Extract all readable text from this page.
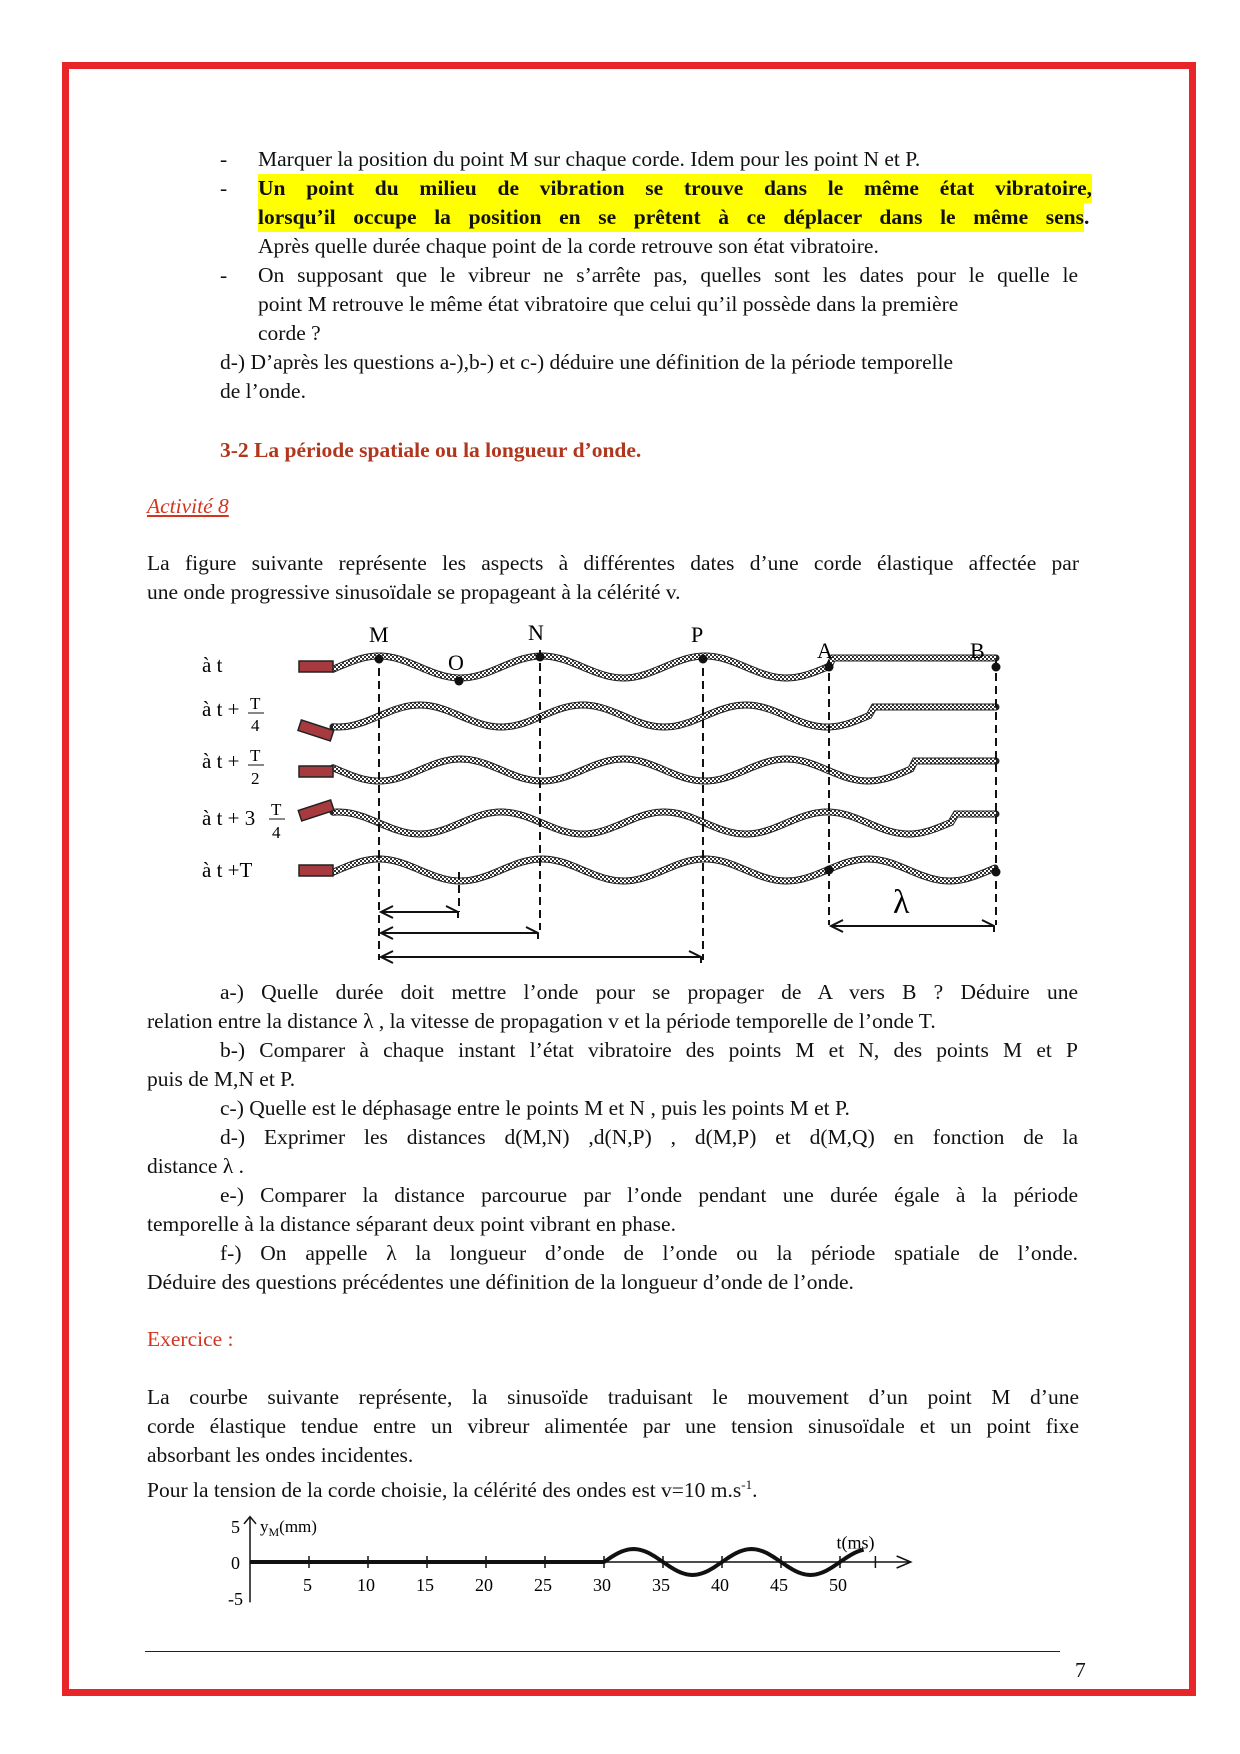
- Marquer la position du point M sur chaque corde. Idem pour les point N et P.
- Un point du milieu de vibration se trouve dans le même état vibratoire,
lorsqu’il occupe la position en se prêtent à ce déplacer dans le même sens.
Après quelle durée chaque point de la corde retrouve son état vibratoire.
- On supposant que le vibreur ne s’arrête pas, quelles sont les dates pour le quelle le
point M retrouve le même état vibratoire que celui qu’il possède dans la première
corde ?
d-) D’après les questions a-),b-) et c-) déduire une définition de la période temporelle
de l’onde.
3-2 La période spatiale ou la longueur d’onde.
Activité 8
La figure suivante représente les aspects à différentes dates d’une corde élastique affectée par
une onde progressive sinusoïdale se propageant à la célérité v.
M	N	P
O	A	B
à t
à t + T
4
à t + T
2
à t + 3 T
4
à t +T
λ
a-) Quelle durée doit mettre l’onde pour se propager de A vers B ? Déduire une
relation entre la distance λ , la vitesse de propagation v et la période temporelle de l’onde T.
b-) Comparer à chaque instant l’état vibratoire des points M et N, des points M et P
puis de M,N et P.
c-) Quelle est le déphasage entre le points M et N , puis les points M et P.
d-) Exprimer les distances d(M,N) ,d(N,P) , d(M,P) et d(M,Q) en fonction de la
distance λ .
e-) Comparer la distance parcourue par l’onde pendant une durée égale à la période
temporelle à la distance séparant deux point vibrant en phase.
f-) On appelle λ la longueur d’onde de l’onde ou la période spatiale de l’onde.
Déduire des questions précédentes une définition de la longueur d’onde de l’onde.
Exercice :
La courbe suivante représente, la sinusoïde traduisant le mouvement d’un point M d’une
corde élastique tendue entre un vibreur alimentée par une tension sinusoïdale et un point fixe
absorbant les ondes incidentes.
Pour la tension de la corde choisie, la célérité des ondes est v=10 $m.s^{-1}$.
5	10 15 20 25 30 35 40 45 50
5
0
-5
$y_M(mm)$
t(ms)
7
